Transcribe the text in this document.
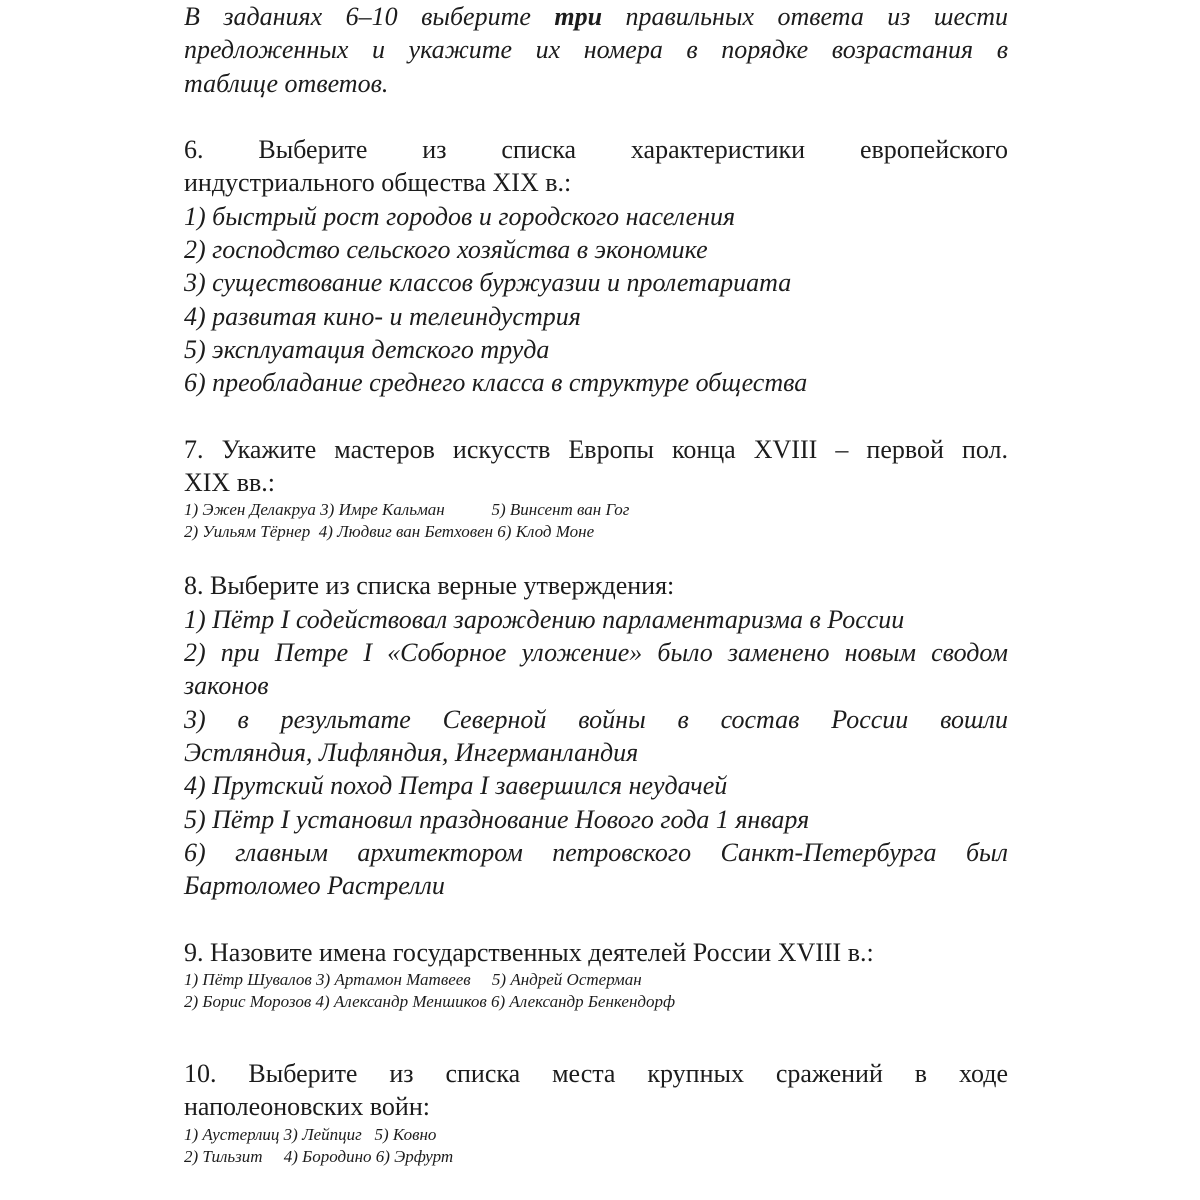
В заданиях 6–10 выберите три правильных ответа из шести

предложенных и укажите их номера в порядке возрастания в

таблице ответов.

6. Выберите из списка характеристики европейского

индустриального общества XIX в.:

1) быстрый рост городов и городского населения

2) господство сельского хозяйства в экономике

3) существование классов буржуазии и пролетариата

4) развитая кино- и телеиндустрия

5) эксплуатация детского труда

6) преобладание среднего класса в структуре общества

7. Укажите мастеров искусств Европы конца XVIII – первой пол.

XIX вв.:

1) Эжен Делакруа 3) Имре Кальман           5) Винсент ван Гог

2) Уильям Тёрнер  4) Людвиг ван Бетховен 6) Клод Моне

8. Выберите из списка верные утверждения:

1) Пётр I содействовал зарождению парламентаризма в России

2) при Петре I «Соборное уложение» было заменено новым сводом

законов

3) в результате Северной войны в состав России вошли

Эстляндия, Лифляндия, Ингерманландия

4) Прутский поход Петра I завершился неудачей

5) Пётр I установил празднование Нового года 1 января

6) главным архитектором петровского Санкт-Петербурга был

Бартоломео Растрелли

9. Назовите имена государственных деятелей России XVIII в.:

1) Пётр Шувалов 3) Артамон Матвеев     5) Андрей Остерман

2) Борис Морозов 4) Александр Меншиков 6) Александр Бенкендорф

10. Выберите из списка места крупных сражений в ходе

наполеоновских войн:

1) Аустерлиц 3) Лейпциг   5) Ковно

2) Тильзит     4) Бородино 6) Эрфурт
